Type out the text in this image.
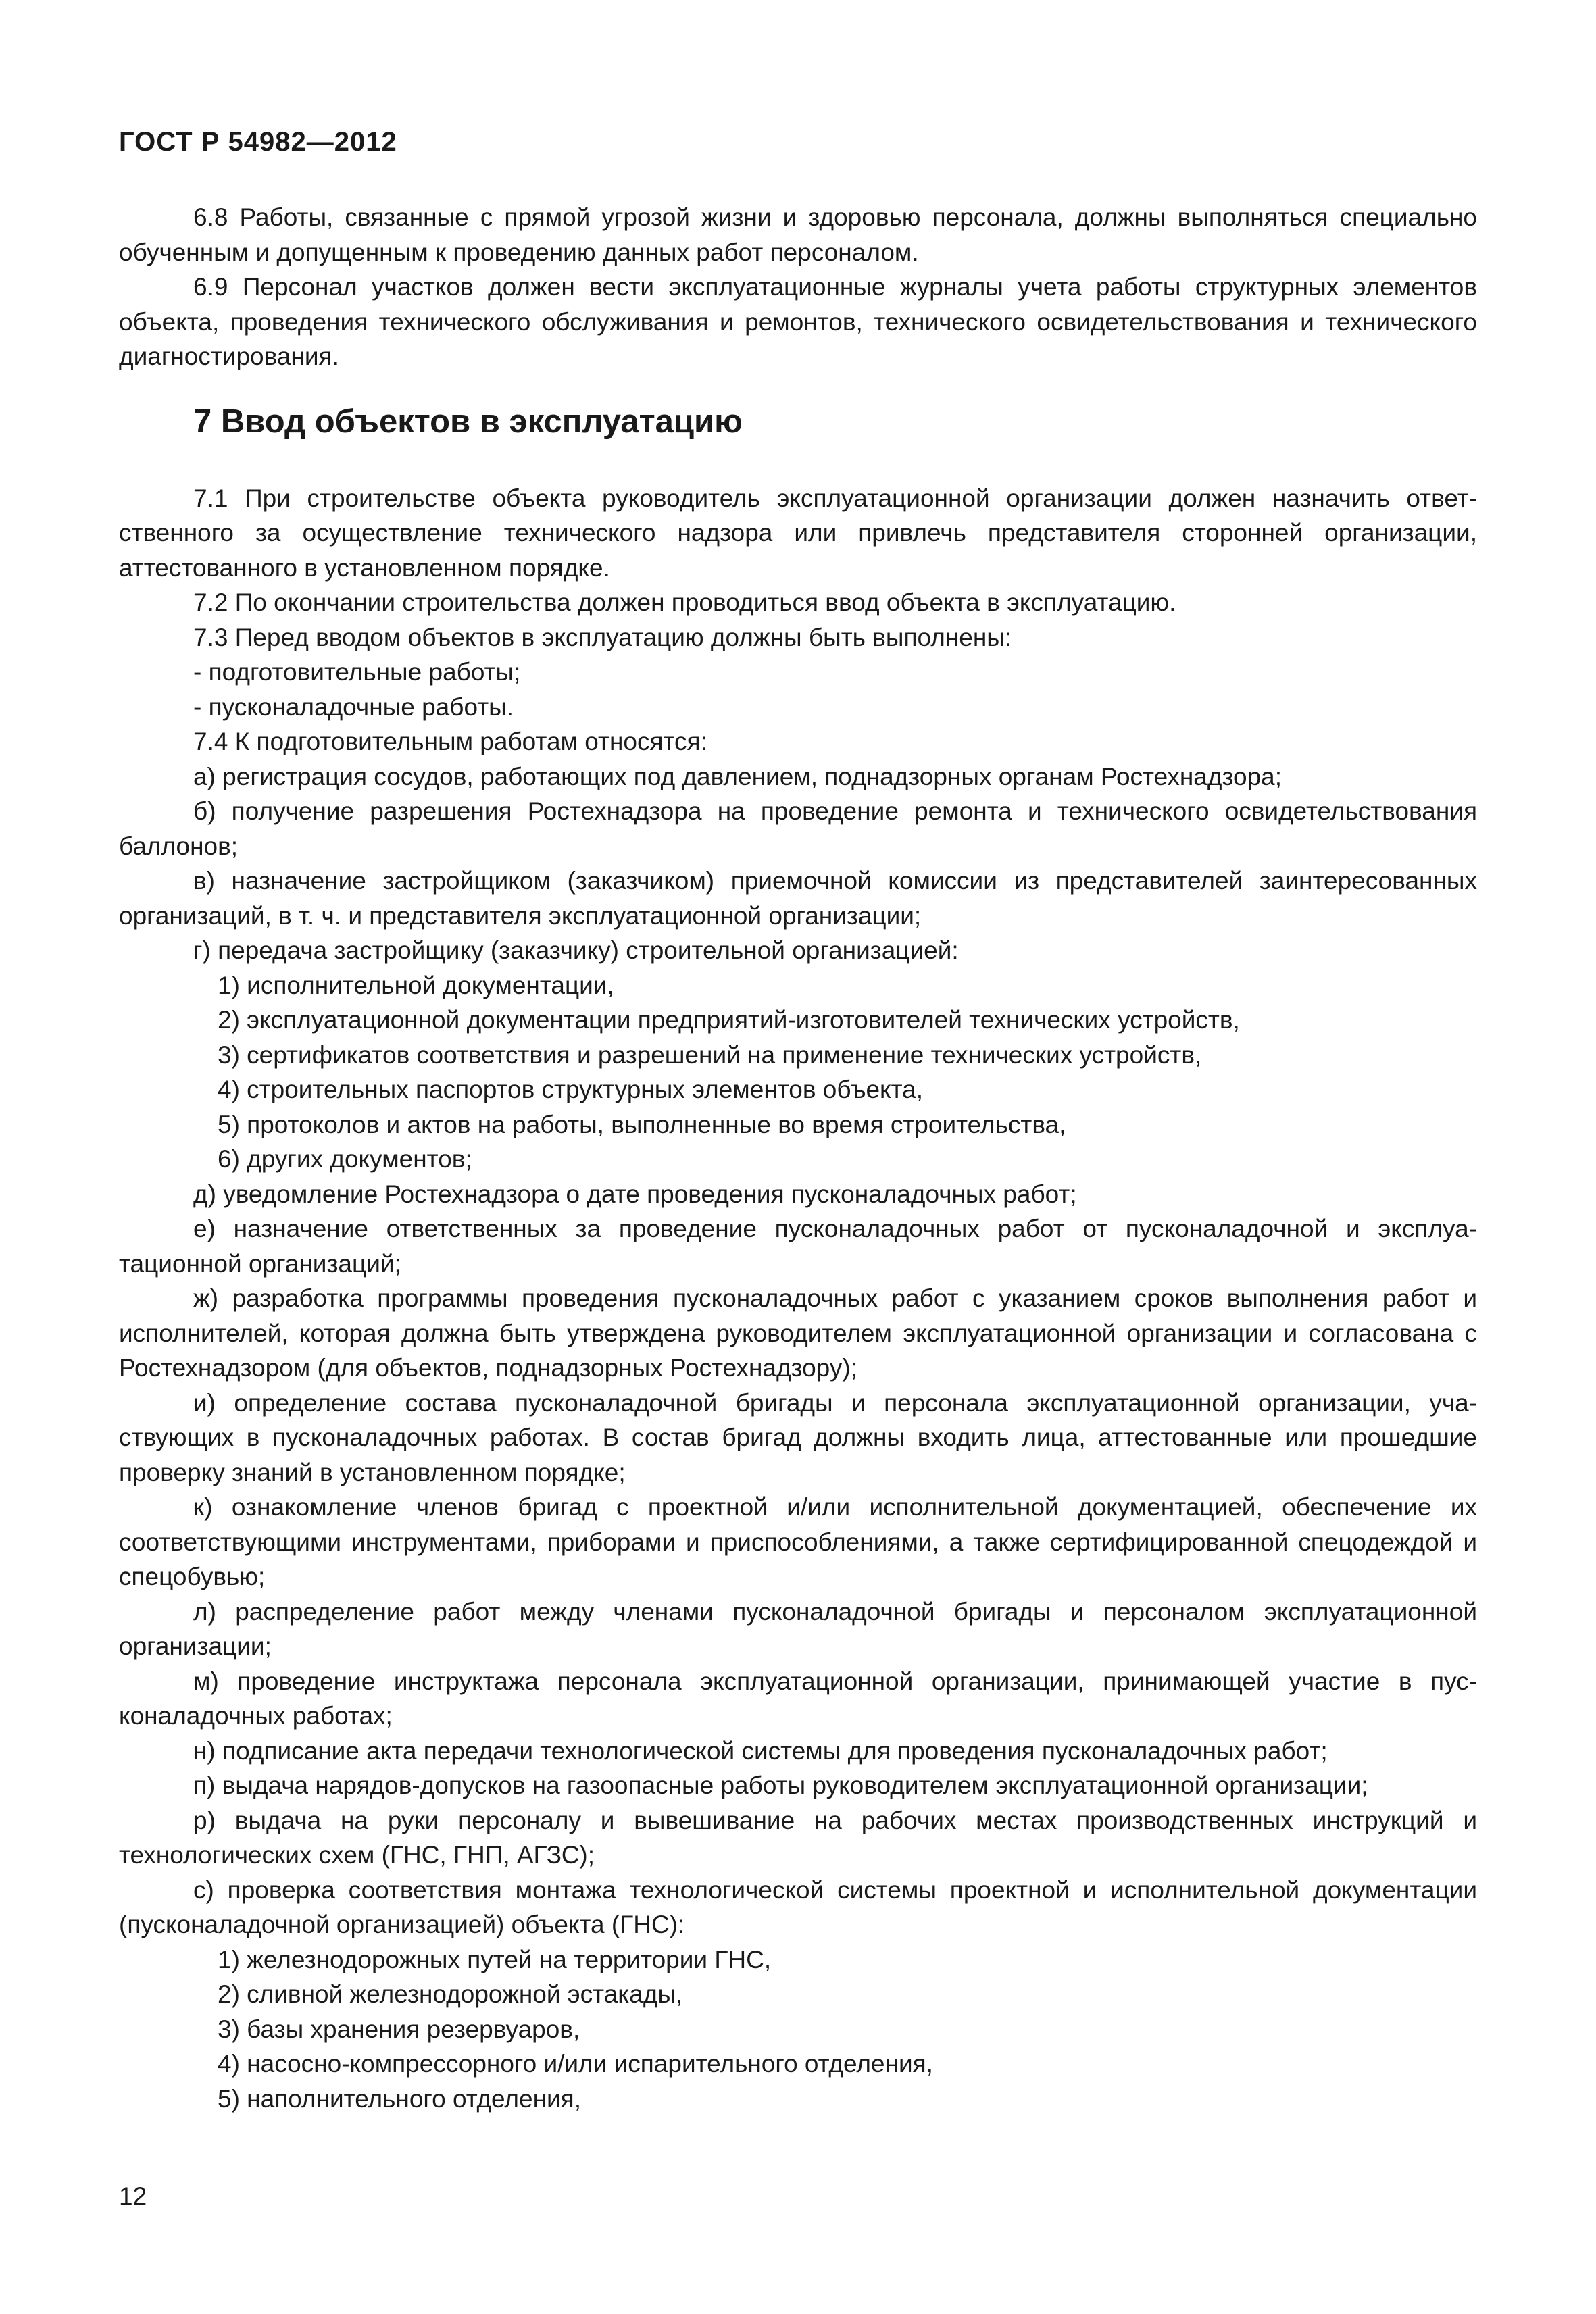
ГОСТ Р 54982—2012

6.8 Работы, связанные с прямой угрозой жизни и здоровью персонала, должны выполняться специально обученным и допущенным к проведению данных работ персоналом.

6.9 Персонал участков должен вести эксплуатационные журналы учета работы структурных элементов объекта, проведения технического обслуживания и ремонтов, технического освидетельствования и технического диагностирования.

7 Ввод объектов в эксплуатацию

7.1 При строительстве объекта руководитель эксплуатационной организации должен назначить ответственного за осуществление технического надзора или привлечь представителя сторонней организации, аттестованного в установленном порядке.

7.2 По окончании строительства должен проводиться ввод объекта в эксплуатацию.

7.3 Перед вводом объектов в эксплуатацию должны быть выполнены:

- подготовительные работы;

- пусконаладочные работы.

7.4 К подготовительным работам относятся:

а) регистрация сосудов, работающих под давлением, поднадзорных органам Ростехнадзора;

б) получение разрешения Ростехнадзора на проведение ремонта и технического освидетельствования баллонов;

в) назначение застройщиком (заказчиком) приемочной комиссии из представителей заинтересованных организаций, в т. ч. и представителя эксплуатационной организации;

г) передача застройщику (заказчику) строительной организацией:

1) исполнительной документации,

2) эксплуатационной документации предприятий-изготовителей технических устройств,

3) сертификатов соответствия и разрешений на применение технических устройств,

4) строительных паспортов структурных элементов объекта,

5) протоколов и актов на работы, выполненные во время строительства,

6) других документов;

д) уведомление Ростехнадзора о дате проведения пусконаладочных работ;

е) назначение ответственных за проведение пусконаладочных работ от пусконаладочной и эксплуатационной организаций;

ж) разработка программы проведения пусконаладочных работ с указанием сроков выполнения работ и исполнителей, которая должна быть утверждена руководителем эксплуатационной организации и согласована с Ростехнадзором (для объектов, поднадзорных Ростехнадзору);

и) определение состава пусконаладочной бригады и персонала эксплуатационной организации, участвующих в пусконаладочных работах. В состав бригад должны входить лица, аттестованные или прошедшие проверку знаний в установленном порядке;

к) ознакомление членов бригад с проектной и/или исполнительной документацией, обеспечение их соответствующими инструментами, приборами и приспособлениями, а также сертифицированной спецодеждой и спецобувью;

л) распределение работ между членами пусконаладочной бригады и персоналом эксплуатационной организации;

м) проведение инструктажа персонала эксплуатационной организации, принимающей участие в пусконаладочных работах;

н) подписание акта передачи технологической системы для проведения пусконаладочных работ;

п) выдача нарядов-допусков на газоопасные работы руководителем эксплуатационной организации;

р) выдача на руки персоналу и вывешивание на рабочих местах производственных инструкций и технологических схем (ГНС, ГНП, АГЗС);

с) проверка соответствия монтажа технологической системы проектной и исполнительной документации (пусконаладочной организацией) объекта (ГНС):

1) железнодорожных путей на территории ГНС,

2) сливной железнодорожной эстакады,

3) базы хранения резервуаров,

4) насосно-компрессорного и/или испарительного отделения,

5) наполнительного отделения,

12
